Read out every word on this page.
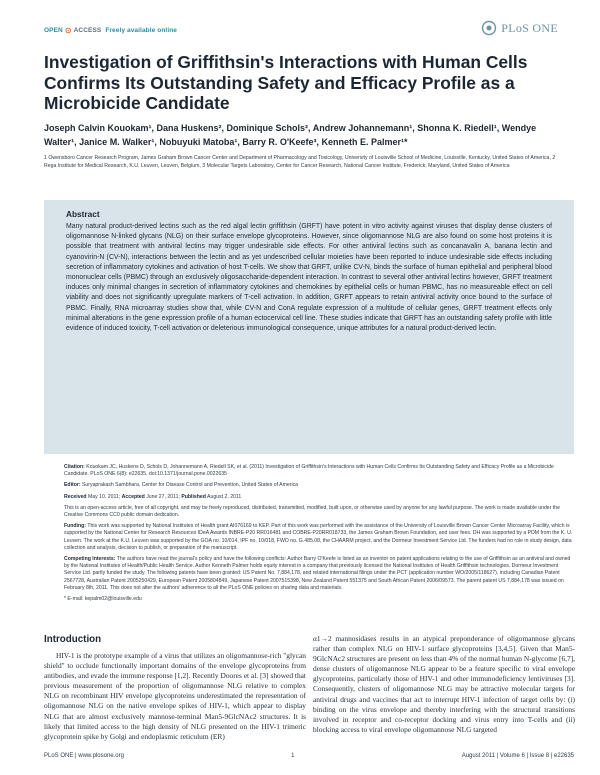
OPEN ⊙ ACCESS Freely available online	PLoS ONE
Investigation of Griffithsin's Interactions with Human Cells Confirms Its Outstanding Safety and Efficacy Profile as a Microbicide Candidate
Joseph Calvin Kouokam¹, Dana Huskens², Dominique Schols², Andrew Johannemann¹, Shonna K. Riedell¹, Wendye Walter¹, Janice M. Walker¹, Nobuyuki Matoba¹, Barry R. O'Keefe³, Kenneth E. Palmer¹*
1 Owensboro Cancer Research Program, James Graham Brown Cancer Center and Department of Pharmacology and Toxicology, University of Louisville School of Medicine, Louisville, Kentucky, United States of America, 2 Rega Institute for Medical Research, K.U. Leuven, Leuven, Belgium, 3 Molecular Targets Laboratory, Center for Cancer Research, National Cancer Institute, Frederick, Maryland, United States of America
Abstract

Many natural product-derived lectins such as the red algal lectin griffithsin (GRFT) have potent in vitro activity against viruses that display dense clusters of oligomannose N-linked glycans (NLG) on their surface envelope glycoproteins. However, since oligomannose NLG are also found on some host proteins it is possible that treatment with antiviral lectins may trigger undesirable side effects. For other antiviral lectins such as concanavalin A, banana lectin and cyanovirin-N (CV-N), interactions between the lectin and as yet undescribed cellular moieties have been reported to induce undesirable side effects including secretion of inflammatory cytokines and activation of host T-cells. We show that GRFT, unlike CV-N, binds the surface of human epithelial and peripheral blood mononuclear cells (PBMC) through an exclusively oligosaccharide-dependent interaction. In contrast to several other antiviral lectins however, GRFT treatment induces only minimal changes in secretion of inflammatory cytokines and chemokines by epithelial cells or human PBMC, has no measureable effect on cell viability and does not significantly upregulate markers of T-cell activation. In addition, GRFT appears to retain antiviral activity once bound to the surface of PBMC. Finally, RNA microarray studies show that, while CV-N and ConA regulate expression of a multitude of cellular genes, GRFT treatment effects only minimal alterations in the gene expression profile of a human ectocervical cell line. These studies indicate that GRFT has an outstanding safety profile with little evidence of induced toxicity, T-cell activation or deleterious immunological consequence, unique attributes for a natural product-derived lectin.

Citation: Kouokam JC, Huskens D, Schols D, Johannemann A, Riedell SK, et al. (2011) Investigation of Griffithsin's Interactions with Human Cells Confirms Its Outstanding Safety and Efficacy Profile as a Microbicide Candidate. PLoS ONE 6(8): e22635. doi:10.1371/journal.pone.0022635

Editor: Suryaprakash Sambhara, Center for Disease Control and Prevention, United States of America

Received May 10, 2011; Accepted June 27, 2011; Published August 2, 2011

This is an open-access article, free of all copyright, and may be freely reproduced, distributed, transmitted, modified, built upon, or otherwise used by anyone for any lawful purpose. The work is made available under the Creative Commons CC0 public domain dedication.

Funding: This work was supported by National Institutes of Health grant AI076169 to KEP. Part of this work was performed with the assistance of the University of Louisville Brown Cancer Center Microarray Facility, which is supported by the National Center for Research Resources IDeA Awards INBRE-P20 RR016481 and COBRE-P20RR018733, the James Graham Brown Foundation, and user fees. DH was supported by a PDM from the K. U. Leuven. The work at the K.U. Leuven was supported by the GOA no. 10/014, IPF no. 10/018, FWO no. G.485.08, the CHAARM project, and the Dormeur Investment Service Ltd. The funders had no role in study design, data collection and analysis, decision to publish, or preparation of the manuscript.

Competing Interests: The authors have read the journal's policy and have the following conflicts: Author Barry O'Keefe is listed as an inventor on patent applications relating to the use of Griffithsin as an antiviral and owned by the National Institutes of Health/Public Health Service. Author Kenneth Palmer holds equity interest in a company that previously licensed the National Institutes of Health Griffithsin technologies. Dormeur Investment Service Ltd. partly funded the study. The following patents have been granted: US Patent No. 7,884,178, and related international filings under the PCT (application number WO/2005/118627), including Canadian Patent 2567728, Australian Patent 2005250429, European Patent 2005804849, Japanese Patent 2007515398, New Zealand Patent 551375 and South African Patent 2006/09573. The parent patent US 7,884,178 was issued on February 8th, 2011. This does not alter the authors' adherence to all the PLoS ONE policies on sharing data and materials.

* E-mail: kepalm02@louisville.edu

Introduction

HIV-1 is the prototype example of a virus that utilizes an oligomannose-rich "glycan shield" to occlude functionally important domains of the envelope glycoproteins from antibodies, and evade the immune response [1,2]. Recently Doores et al. [3] showed that previous measurement of the proportion of oligomannose NLG relative to complex NLG on recombinant HIV envelope glycoproteins underestimated the representation of oligomannose NLG on the native envelope spikes of HIV-1, which appear to display NLG that are almost exclusively mannose-terminal Man5-9GlcNAc2 structures. It is likely that limited access to the high density of NLG presented on the HIV-1 trimeric glycoprotein spike by Golgi and endoplasmic reticulum (ER)

α1→2 mannosidases results in an atypical preponderance of oligomannose glycans rather than complex NLG on HIV-1 surface glycoproteins [3,4,5]. Given that Man5-9GlcNAc2 structures are present on less than 4% of the normal human N-glycome [6,7], dense clusters of oligomannose NLG appear to be a feature specific to viral envelope glycoproteins, particularly those of HIV-1 and other immunodeficiency lentiviruses [3]. Consequently, clusters of oligomannose NLG may be attractive molecular targets for antiviral drugs and vaccines that act to interrupt HIV-1 infection of target cells by: (i) binding on the virus envelope and thereby interfering with the structural transitions involved in receptor and co-receptor docking and virus entry into T-cells and (ii) blocking access to viral envelope oligomannose NLG targeted

PLoS ONE | www.plosone.org	1	August 2011 | Volume 6 | Issue 8 | e22635
